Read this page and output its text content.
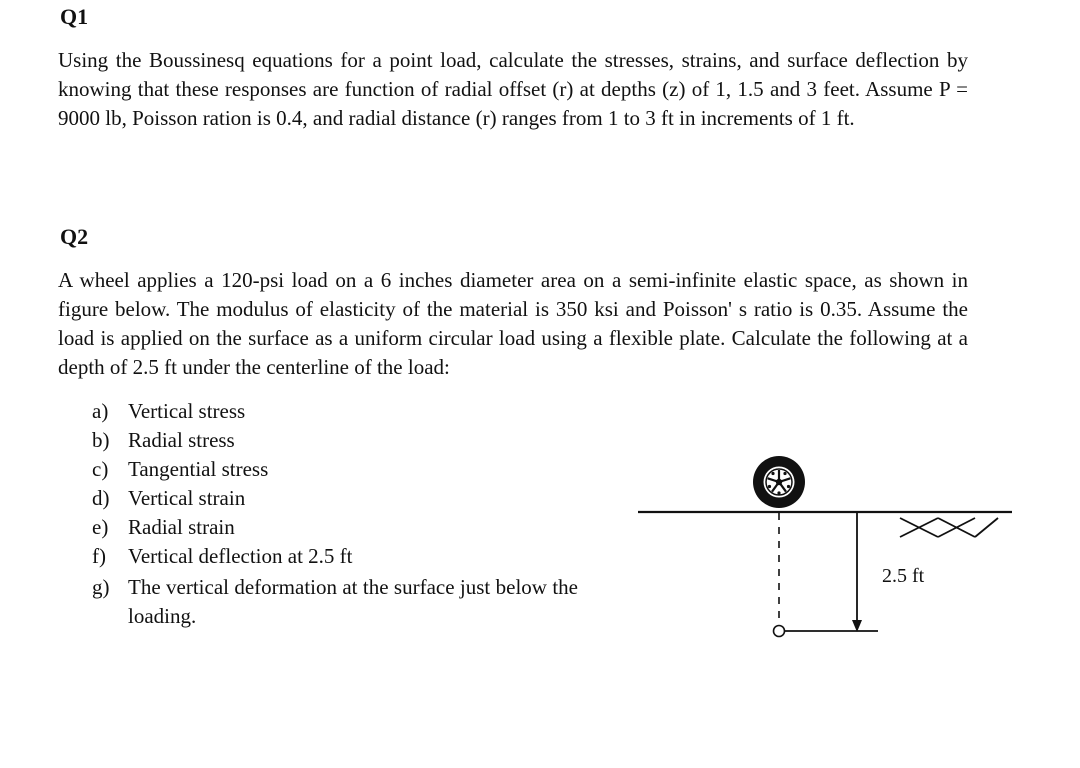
Q1

Using the Boussinesq equations for a point load, calculate the stresses, strains, and surface deflection by knowing that these responses are function of radial offset (r) at depths (z) of 1, 1.5 and 3 feet. Assume P = 9000 lb, Poisson ration is 0.4, and radial distance (r) ranges from 1 to 3 ft in increments of 1 ft.

Q2

A wheel applies a 120-psi load on a 6 inches diameter area on a semi-infinite elastic space, as shown in figure below. The modulus of elasticity of the material is 350 ksi and Poisson' s ratio is 0.35. Assume the load is applied on the surface as a uniform circular load using a flexible plate. Calculate the following at a depth of 2.5 ft under the centerline of the load:

a) Vertical stress
b) Radial stress
c) Tangential stress
d) Vertical strain
e) Radial strain
f)	Vertical deflection at 2.5 ft
g) The vertical deformation at the surface just below the loading.

2.5 ft
